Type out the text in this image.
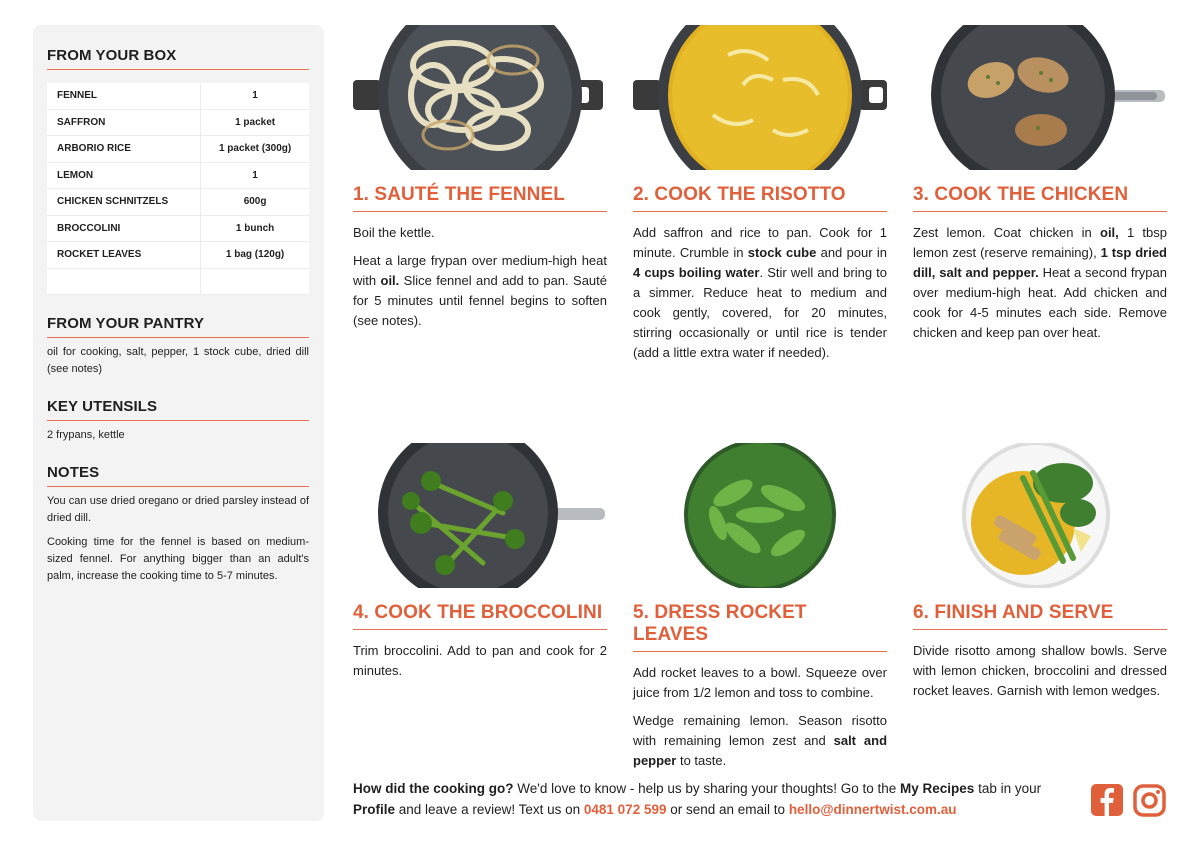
FROM YOUR BOX
FENNEL	1
SAFFRON	1 packet
ARBORIO RICE	1 packet (300g)
LEMON	1
CHICKEN SCHNITZELS	600g
BROCCOLINI	1 bunch
ROCKET LEAVES	1 bag (120g)

FROM YOUR PANTRY
oil for cooking, salt, pepper, 1 stock cube, dried dill (see notes)
KEY UTENSILS
2 frypans, kettle
NOTES

You can use dried oregano or dried parsley instead of dried dill.

Cooking time for the fennel is based on medium-sized fennel. For anything bigger than an adult's palm, increase the cooking time to 5-7 minutes.

1. SAUTÉ THE FENNEL

Boil the kettle.

Heat a large frypan over medium-high heat with oil. Slice fennel and add to pan. Sauté for 5 minutes until fennel begins to soften (see notes).

2. COOK THE RISOTTO

Add saffron and rice to pan. Cook for 1 minute. Crumble in stock cube and pour in 4 cups boiling water. Stir well and bring to a simmer. Reduce heat to medium and cook gently, covered, for 20 minutes, stirring occasionally or until rice is tender (add a little extra water if needed).

3. COOK THE CHICKEN

Zest lemon. Coat chicken in oil, 1 tbsp lemon zest (reserve remaining), 1 tsp dried dill, salt and pepper. Heat a second frypan over medium-high heat. Add chicken and cook for 4-5 minutes each side. Remove chicken and keep pan over heat.

4. COOK THE BROCCOLINI

Trim broccolini. Add to pan and cook for 2 minutes.

5. DRESS ROCKET LEAVES

Add rocket leaves to a bowl. Squeeze over juice from 1/2 lemon and toss to combine.

Wedge remaining lemon. Season risotto with remaining lemon zest and salt and pepper to taste.

6. FINISH AND SERVE

Divide risotto among shallow bowls. Serve with lemon chicken, broccolini and dressed rocket leaves. Garnish with lemon wedges.

How did the cooking go? We'd love to know - help us by sharing your thoughts! Go to the My Recipes tab in your Profile and leave a review! Text us on 0481 072 599 or send an email to hello@dinnertwist.com.au
